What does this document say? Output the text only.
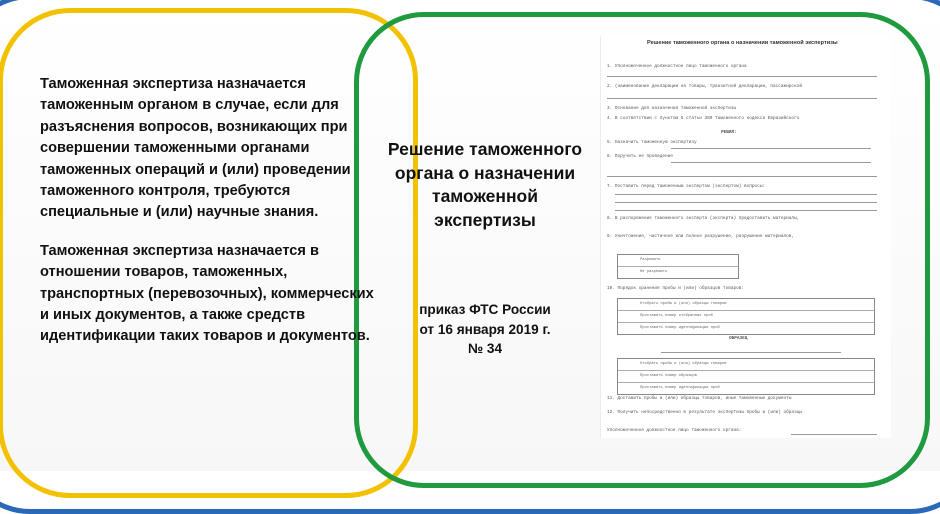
Таможенная экспертиза назначается таможенным органом в случае, если для разъяснения вопросов, возникающих при совершении таможенными органами таможенных операций и (или) проведении таможенного контроля, требуются специальные и (или) научные знания.

Таможенная экспертиза назначается в отношении товаров, таможенных, транспортных (перевозочных), коммерческих и иных документов, а также средств идентификации таких товаров и документов.

Решение таможенного органа о назначении таможенной экспертизы
приказ ФТС России
от 16 января 2019 г.
№ 34
Решение таможенного органа о назначении таможенной экспертизы
1. Уполномоченное должностное лицо таможенного органа
2. (наименование декларации на товары, транзитной декларации, пассажирской
3. Основание для назначения таможенной экспертизы
4. В соответствии с пунктом 5 статьи 389 Таможенного кодекса Евразийского
РЕШИЛ:
5. Назначить таможенную экспертизу
6. Поручить ее проведение
7. Поставить перед таможенным экспертом (экспертом) вопросы:
8. В распоряжение таможенного эксперта (эксперта) предоставить материалы,
9. Уничтожение, частичное или полное разрушение, разрушение материалов,
Разрешить
Не разрешить
10. Порядок хранения пробы и (или) образцов товаров:
Отобрать пробы и (или) образцы товаров
Проставить номер отобранных проб
Проставить номер идентификации проб
ОБРАЗЕЦ
Отобрать пробы и (или) образцы товаров
Проставить номер образцов
Проставить номер идентификации проб
11. Доставить пробы и (или) образцы товаров, иные таможенные документы
12. Получить непосредственно в результате экспертизы пробы и (или) образцы
Уполномоченное должностное лицо таможенного органа:
